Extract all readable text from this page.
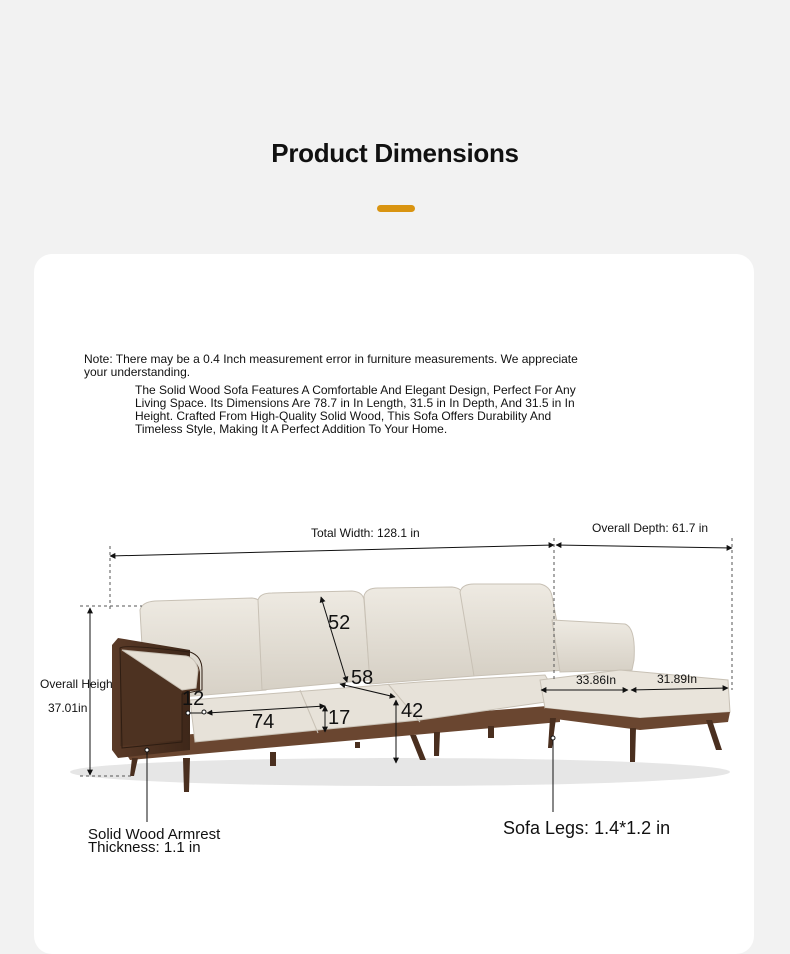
Product Dimensions
Note: There may be a 0.4 Inch measurement error in furniture measurements. We appreciate your understanding.
The Solid Wood Sofa Features A Comfortable And Elegant Design, Perfect For Any Living Space. Its Dimensions Are 78.7 in In Length, 31.5 in In Depth, And 31.5 in In Height. Crafted From High-Quality Solid Wood, This Sofa Offers Durability And Timeless Style, Making It A Perfect Addition To Your Home.
Total Width: 128.1 in	Overall Depth: 61.7 in
Overall Heigh
37.01in
52
58
12
74	17	42
33.86In	31.89In
Solid Wood Armrest
Thickness: 1.1 in
Sofa Legs: 1.4*1.2 in
